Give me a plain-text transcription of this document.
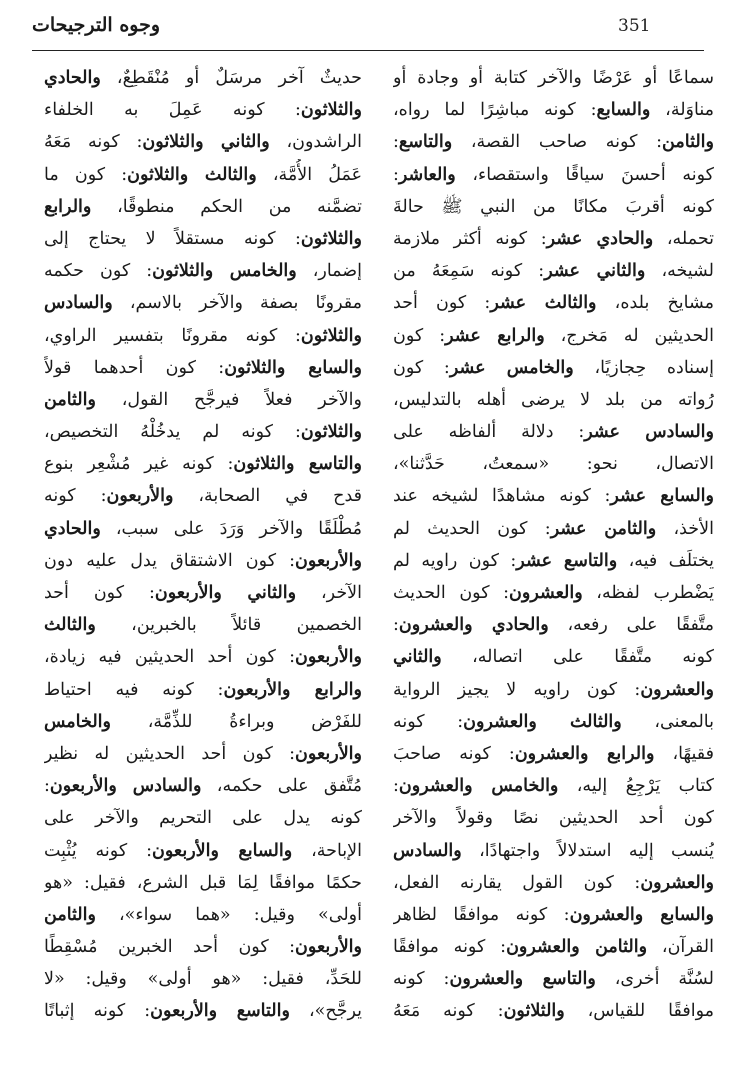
351
وجوه الترجيحات
سماعًا أو عَرْضًا والآخر كتابة أو وجادة أو
مناوَلة، والسابع: كونه مباشِرًا لما رواه،
والثامن: كونه صاحب القصة، والتاسع:
كونه أحسنَ سياقًا واستقصاء، والعاشر:
كونه أقربَ مكانًا من النبي ﷺ حالةَ
تحمله، والحادي عشر: كونه أكثر ملازمة
لشيخه، والثاني عشر: كونه سَمِعَهُ من
مشايخ بلده، والثالث عشر: كون أحد
الحديثين له مَخرج، والرابع عشر: كون
إسناده حِجازيًا، والخامس عشر: كون
رُواته من بلد لا يرضى أهله بالتدليس،
والسادس عشر: دلالة ألفاظه على
الاتصال، نحو: «سمعتُ، حَدَّثنا»،
والسابع عشر: كونه مشاهدًا لشيخه عند
الأخذ، والثامن عشر: كون الحديث لم
يختلَف فيه، والتاسع عشر: كون راويه لم
يَضْطرب لفظه، والعشرون: كون الحديث
متَّفقًا على رفعه، والحادي والعشرون:
كونه متَّفقًا على اتصاله، والثاني
والعشرون: كون راويه لا يجيز الرواية
بالمعنى، والثالث والعشرون: كونه
فقيهًا، والرابع والعشرون: كونه صاحبَ
كتاب يَرْجِعُ إليه، والخامس والعشرون:
كون أحد الحديثين نصًا وقولاً والآخر
يُنسب إليه استدلالاً واجتهادًا، والسادس
والعشرون: كون القول يقارنه الفعل،
والسابع والعشرون: كونه موافقًا لظاهر
القرآن، والثامن والعشرون: كونه موافقًا
لسُنَّة أخرى، والتاسع والعشرون: كونه
موافقًا للقياس، والثلاثون: كونه مَعَهُ
حديثٌ آخر مرسَلٌ أو مُنْقَطِعٌ، والحادي
والثلاثون: كونه عَمِلَ به الخلفاء
الراشدون، والثاني والثلاثون: كونه مَعَهُ
عَمَلُ الأُمَّة، والثالث والثلاثون: كون ما
تضمَّنه من الحكم منطوقًا، والرابع
والثلاثون: كونه مستقلاً لا يحتاج إلى
إضمار، والخامس والثلاثون: كون حكمه
مقرونًا بصفة والآخر بالاسم، والسادس
والثلاثون: كونه مقرونًا بتفسير الراوي،
والسابع والثلاثون: كون أحدهما قولاً
والآخر فعلاً فيرجَّح القول، والثامن
والثلاثون: كونه لم يدخُلْهُ التخصيص،
والتاسع والثلاثون: كونه غير مُشْعِر بنوع
قدح في الصحابة، والأربعون: كونه
مُطْلَقًا والآخر وَرَدَ على سبب، والحادي
والأربعون: كون الاشتقاق يدل عليه دون
الآخر، والثاني والأربعون: كون أحد
الخصمين قائلاً بالخبرين، والثالث
والأربعون: كون أحد الحديثين فيه زيادة،
والرابع والأربعون: كونه فيه احتياط
للفَرْض وبراءةُ للذِّمَّة، والخامس
والأربعون: كون أحد الحديثين له نظير
مُتَّفق على حكمه، والسادس والأربعون:
كونه يدل على التحريم والآخر على
الإباحة، والسابع والأربعون: كونه يُثْبِت
حكمًا موافقًا لِمَا قبل الشرع، فقيل: «هو
أولى» وقيل: «هما سواء»، والثامن
والأربعون: كون أحد الخبرين مُسْقِطًا
للحَدِّ، فقيل: «هو أولى» وقيل: «لا
يرجَّح»، والتاسع والأربعون: كونه إثباتًا
